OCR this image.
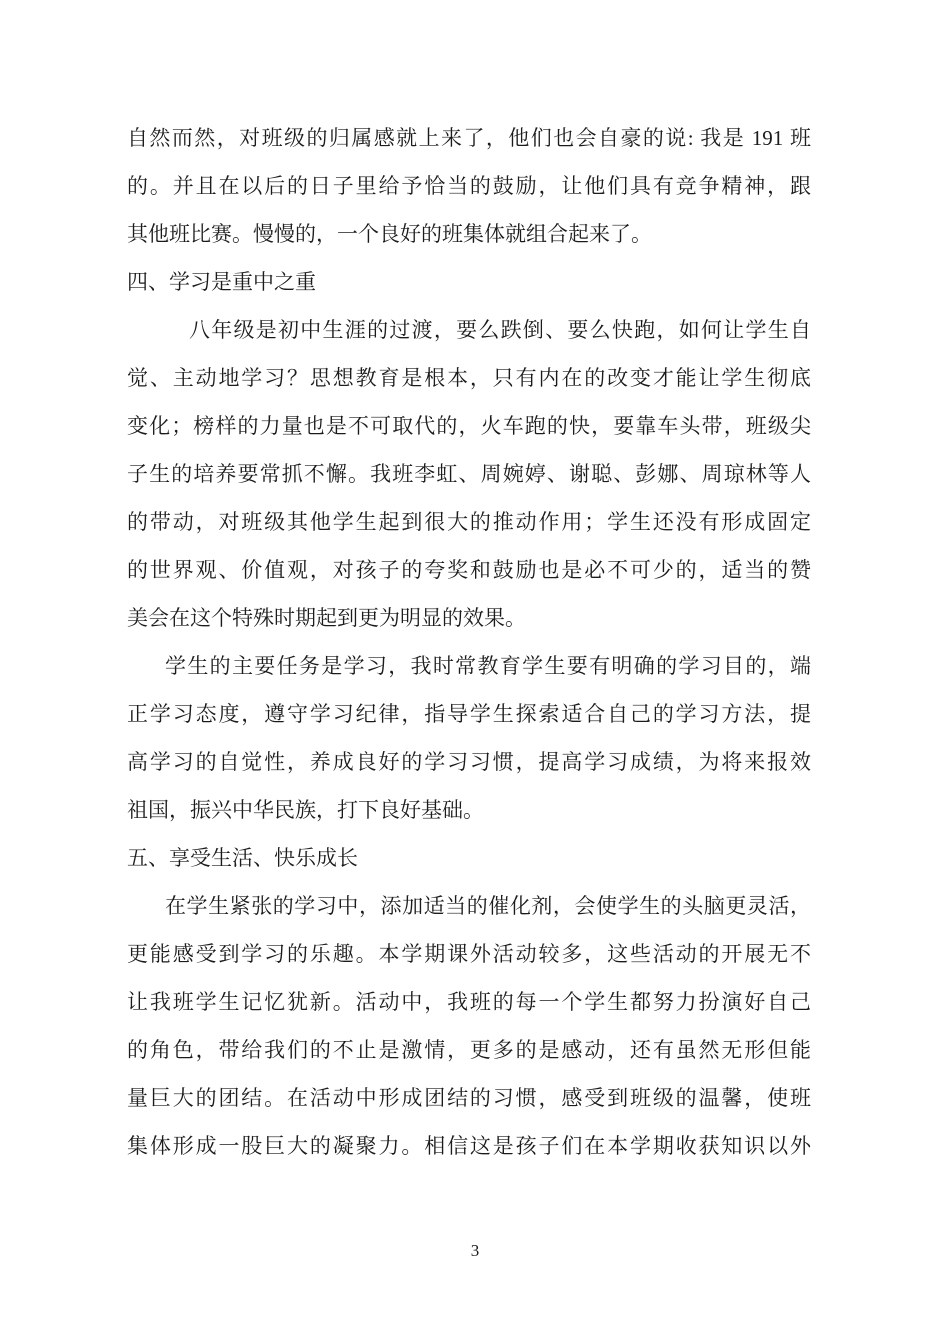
自然而然，对班级的归属感就上来了，他们也会自豪的说: 我是 191 班
的。并且在以后的日子里给予恰当的鼓励，让他们具有竞争精神，跟
其他班比赛。慢慢的，一个良好的班集体就组合起来了。
四、学习是重中之重
八年级是初中生涯的过渡，要么跌倒、要么快跑，如何让学生自
觉、主动地学习？思想教育是根本，只有内在的改变才能让学生彻底
变化；榜样的力量也是不可取代的，火车跑的快，要靠车头带，班级尖
子生的培养要常抓不懈。我班李虹、周婉婷、谢聪、彭娜、周琼林等人
的带动，对班级其他学生起到很大的推动作用；学生还没有形成固定
的世界观、价值观，对孩子的夸奖和鼓励也是必不可少的，适当的赞
美会在这个特殊时期起到更为明显的效果。
学生的主要任务是学习，我时常教育学生要有明确的学习目的，端
正学习态度，遵守学习纪律，指导学生探索适合自己的学习方法，提
高学习的自觉性，养成良好的学习习惯，提高学习成绩，为将来报效
祖国，振兴中华民族，打下良好基础。
五、享受生活、快乐成长
在学生紧张的学习中，添加适当的催化剂，会使学生的头脑更灵活，
更能感受到学习的乐趣。本学期课外活动较多，这些活动的开展无不
让我班学生记忆犹新。活动中，我班的每一个学生都努力扮演好自己
的角色，带给我们的不止是激情，更多的是感动，还有虽然无形但能
量巨大的团结。在活动中形成团结的习惯，感受到班级的温馨，使班
集体形成一股巨大的凝聚力。相信这是孩子们在本学期收获知识以外
3
